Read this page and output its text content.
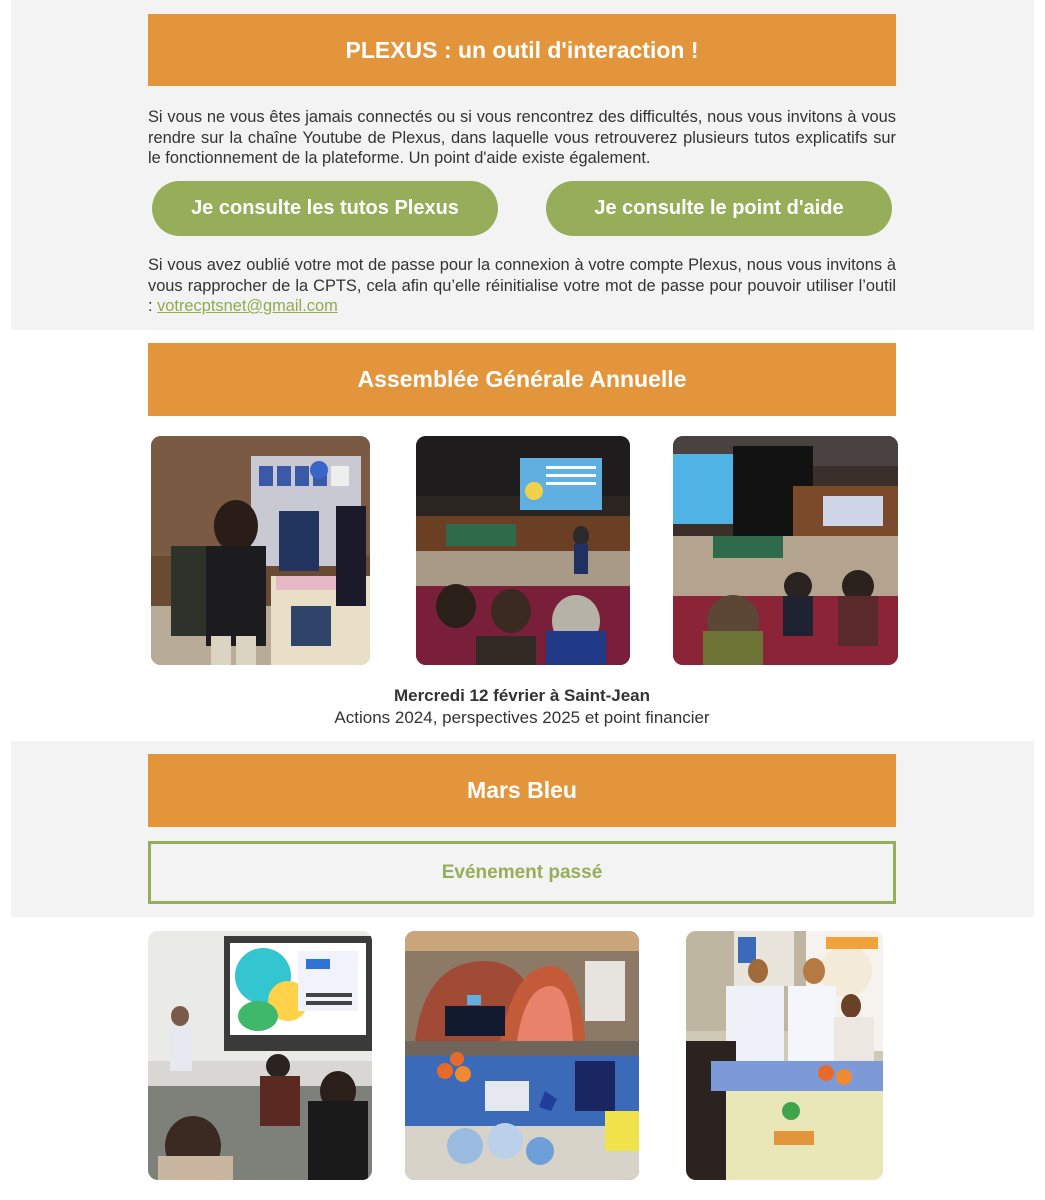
PLEXUS : un outil d'interaction !
Si vous ne vous êtes jamais connectés ou si vous rencontrez des difficultés, nous vous invitons à vous rendre sur la chaîne Youtube de Plexus, dans laquelle vous retrouverez plusieurs tutos explicatifs sur le fonctionnement de la plateforme. Un point d'aide existe également.
Je consulte les tutos Plexus	Je consulte le point d'aide
Si vous avez oublié votre mot de passe pour la connexion à votre compte Plexus, nous vous invitons à vous rapprocher de la CPTS, cela afin qu’elle réinitialise votre mot de passe pour pouvoir utiliser l’outil : votrecptsnet@gmail.com
Assemblée Générale Annuelle
Mercredi 12 février à Saint-Jean
Actions 2024, perspectives 2025 et point financier
Mars Bleu
Evénement passé
